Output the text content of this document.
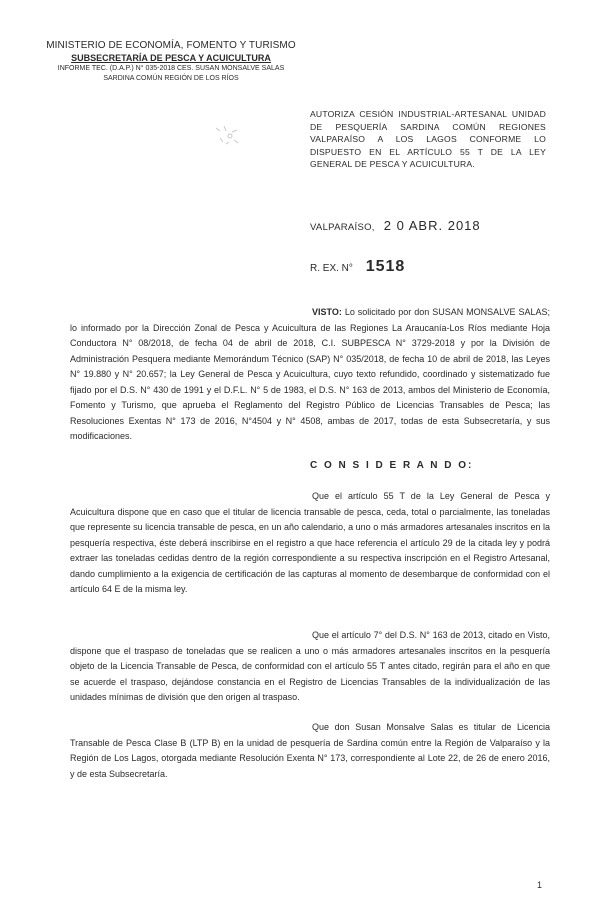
MINISTERIO DE ECONOMÍA, FOMENTO Y TURISMO
SUBSECRETARÍA DE PESCA Y ACUICULTURA
INFORME TEC. (D.A.P.) N° 035-2018 CES. SUSAN MONSALVE SALAS
SARDINA COMÚN REGIÓN DE LOS RÍOS
AUTORIZA CESIÓN INDUSTRIAL-ARTESANAL UNIDAD DE PESQUERÍA SARDINA COMÚN REGIONES VALPARAÍSO A LOS LAGOS CONFORME LO DISPUESTO EN EL ARTÍCULO 55 T DE LA LEY GENERAL DE PESCA Y ACUICULTURA.
VALPARAÍSO, 2 0 ABR. 2018
R. EX. N° 1518
VISTO: Lo solicitado por don SUSAN MONSALVE SALAS; lo informado por la Dirección Zonal de Pesca y Acuicultura de las Regiones La Araucanía-Los Ríos mediante Hoja Conductora N° 08/2018, de fecha 04 de abril de 2018, C.I. SUBPESCA N° 3729-2018 y por la División de Administración Pesquera mediante Memorándum Técnico (SAP) N° 035/2018, de fecha 10 de abril de 2018, las Leyes N° 19.880 y N° 20.657; la Ley General de Pesca y Acuicultura, cuyo texto refundido, coordinado y sistematizado fue fijado por el D.S. N° 430 de 1991 y el D.F.L. N° 5 de 1983, el D.S. N° 163 de 2013, ambos del Ministerio de Economía, Fomento y Turismo, que aprueba el Reglamento del Registro Público de Licencias Transables de Pesca; las Resoluciones Exentas N° 173 de 2016, N°4504 y N° 4508, ambas de 2017, todas de esta Subsecretaría, y sus modificaciones.
C O N S I D E R A N D O:
Que el artículo 55 T de la Ley General de Pesca y Acuicultura dispone que en caso que el titular de licencia transable de pesca, ceda, total o parcialmente, las toneladas que represente su licencia transable de pesca, en un año calendario, a uno o más armadores artesanales inscritos en la pesquería respectiva, éste deberá inscribirse en el registro a que hace referencia el artículo 29 de la citada ley y podrá extraer las toneladas cedidas dentro de la región correspondiente a su respectiva inscripción en el Registro Artesanal, dando cumplimiento a la exigencia de certificación de las capturas al momento de desembarque de conformidad con el artículo 64 E de la misma ley.
Que el artículo 7° del D.S. N° 163 de 2013, citado en Visto, dispone que el traspaso de toneladas que se realicen a uno o más armadores artesanales inscritos en la pesquería objeto de la Licencia Transable de Pesca, de conformidad con el artículo 55 T antes citado, regirán para el año en que se acuerde el traspaso, dejándose constancia en el Registro de Licencias Transables de la individualización de las unidades mínimas de división que den origen al traspaso.
Que don Susan Monsalve Salas es titular de Licencia Transable de Pesca Clase B (LTP B) en la unidad de pesquería de Sardina común entre la Región de Valparaíso y la Región de Los Lagos, otorgada mediante Resolución Exenta N° 173, correspondiente al Lote 22, de 26 de enero 2016, y de esta Subsecretaría.
1
